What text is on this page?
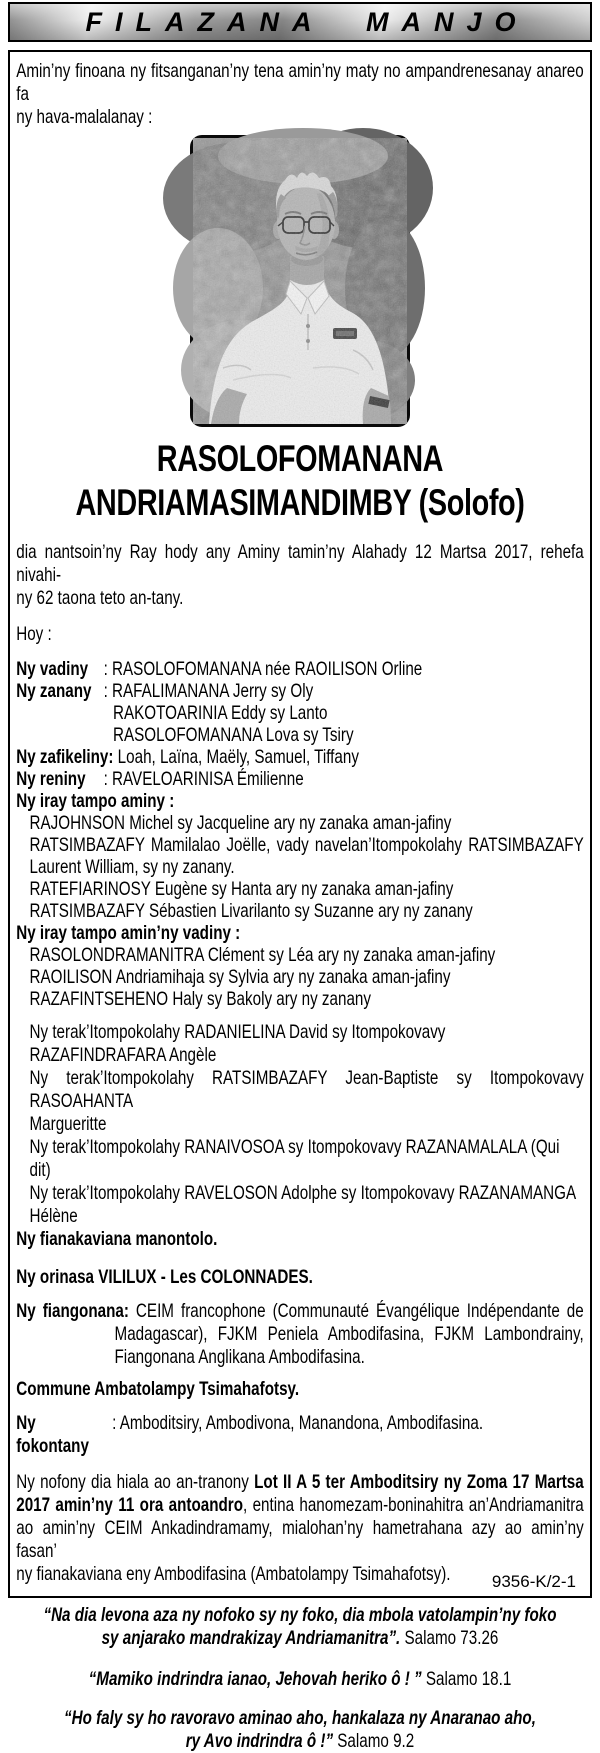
FILAZANA MANJO
Amin’ny finoana ny fitsanganan’ny tena amin’ny maty no ampandrenesanay anareo fa
ny hava-malalanay :
RASOLOFOMANANA
ANDRIAMASIMANDIMBY (Solofo)
dia nantsoin’ny Ray hody any Aminy tamin’ny Alahady 12 Martsa 2017, rehefa nivahi-
ny 62 taona teto an-tany.
Hoy :
Ny vadiny : RASOLOFOMANANA née RAOILISON Orline
Ny zanany : RAFALIMANANA Jerry sy Oly
RAKOTOARINIA Eddy sy Lanto
RASOLOFOMANANA Lova sy Tsiry
Ny zafikeliny: Loah, Laïna, Maëly, Samuel, Tiffany
Ny reniny : RAVELOARINISA Émilienne
Ny iray tampo aminy :
RAJOHNSON Michel sy Jacqueline ary ny zanaka aman-jafiny
RATSIMBAZAFY Mamilalao Joëlle, vady navelan’Itompokolahy RATSIMBAZAFY
Laurent William, sy ny zanany.
RATEFIARINOSY Eugène sy Hanta ary ny zanaka aman-jafiny
RATSIMBAZAFY Sébastien Livarilanto sy Suzanne ary ny zanany
Ny iray tampo amin’ny vadiny :
RASOLONDRAMANITRA Clément sy Léa ary ny zanaka aman-jafiny
RAOILISON Andriamihaja sy Sylvia ary ny zanaka aman-jafiny
RAZAFINTSEHENO Haly sy Bakoly ary ny zanany
Ny terak’Itompokolahy RADANIELINA David sy Itompokovavy RAZAFINDRAFARA Angèle
Ny terak’Itompokolahy RATSIMBAZAFY Jean-Baptiste sy Itompokovavy RASOAHANTA
Margueritte
Ny terak’Itompokolahy RANAIVOSOA sy Itompokovavy RAZANAMALALA (Qui dit)
Ny terak’Itompokolahy RAVELOSON Adolphe sy Itompokovavy RAZANAMANGA Hélène
Ny fianakaviana manontolo.
Ny orinasa VILILUX - Les COLONNADES.
Ny fiangonana: CEIM francophone (Communauté Évangélique Indépendante de
Madagascar), FJKM Peniela Ambodifasina, FJKM Lambondrainy,
Fiangonana Anglikana Ambodifasina.
Commune Ambatolampy Tsimahafotsy.
Ny fokontany
: Amboditsiry, Ambodivona, Manandona, Ambodifasina.
Ny nofony dia hiala ao an-tranony Lot II A 5 ter Amboditsiry ny Zoma 17 Martsa
2017 amin’ny 11 ora antoandro, entina hanomezam-boninahitra an’Andriamanitra
ao amin’ny CEIM Ankadindramamy, mialohan’ny hametrahana azy ao amin’ny fasan’
ny fianakaviana eny Ambodifasina (Ambatolampy Tsimahafotsy).
“Na dia levona aza ny nofoko sy ny foko, dia mbola vatolampin’ny foko
sy anjarako mandrakizay Andriamanitra”. Salamo 73.26
“Mamiko indrindra ianao, Jehovah heriko ô ! ” Salamo 18.1
“Ho faly sy ho ravoravo aminao aho, hankalaza ny Anaranao aho,
ry Avo indrindra ô !” Salamo 9.2
9356-K/2-1
